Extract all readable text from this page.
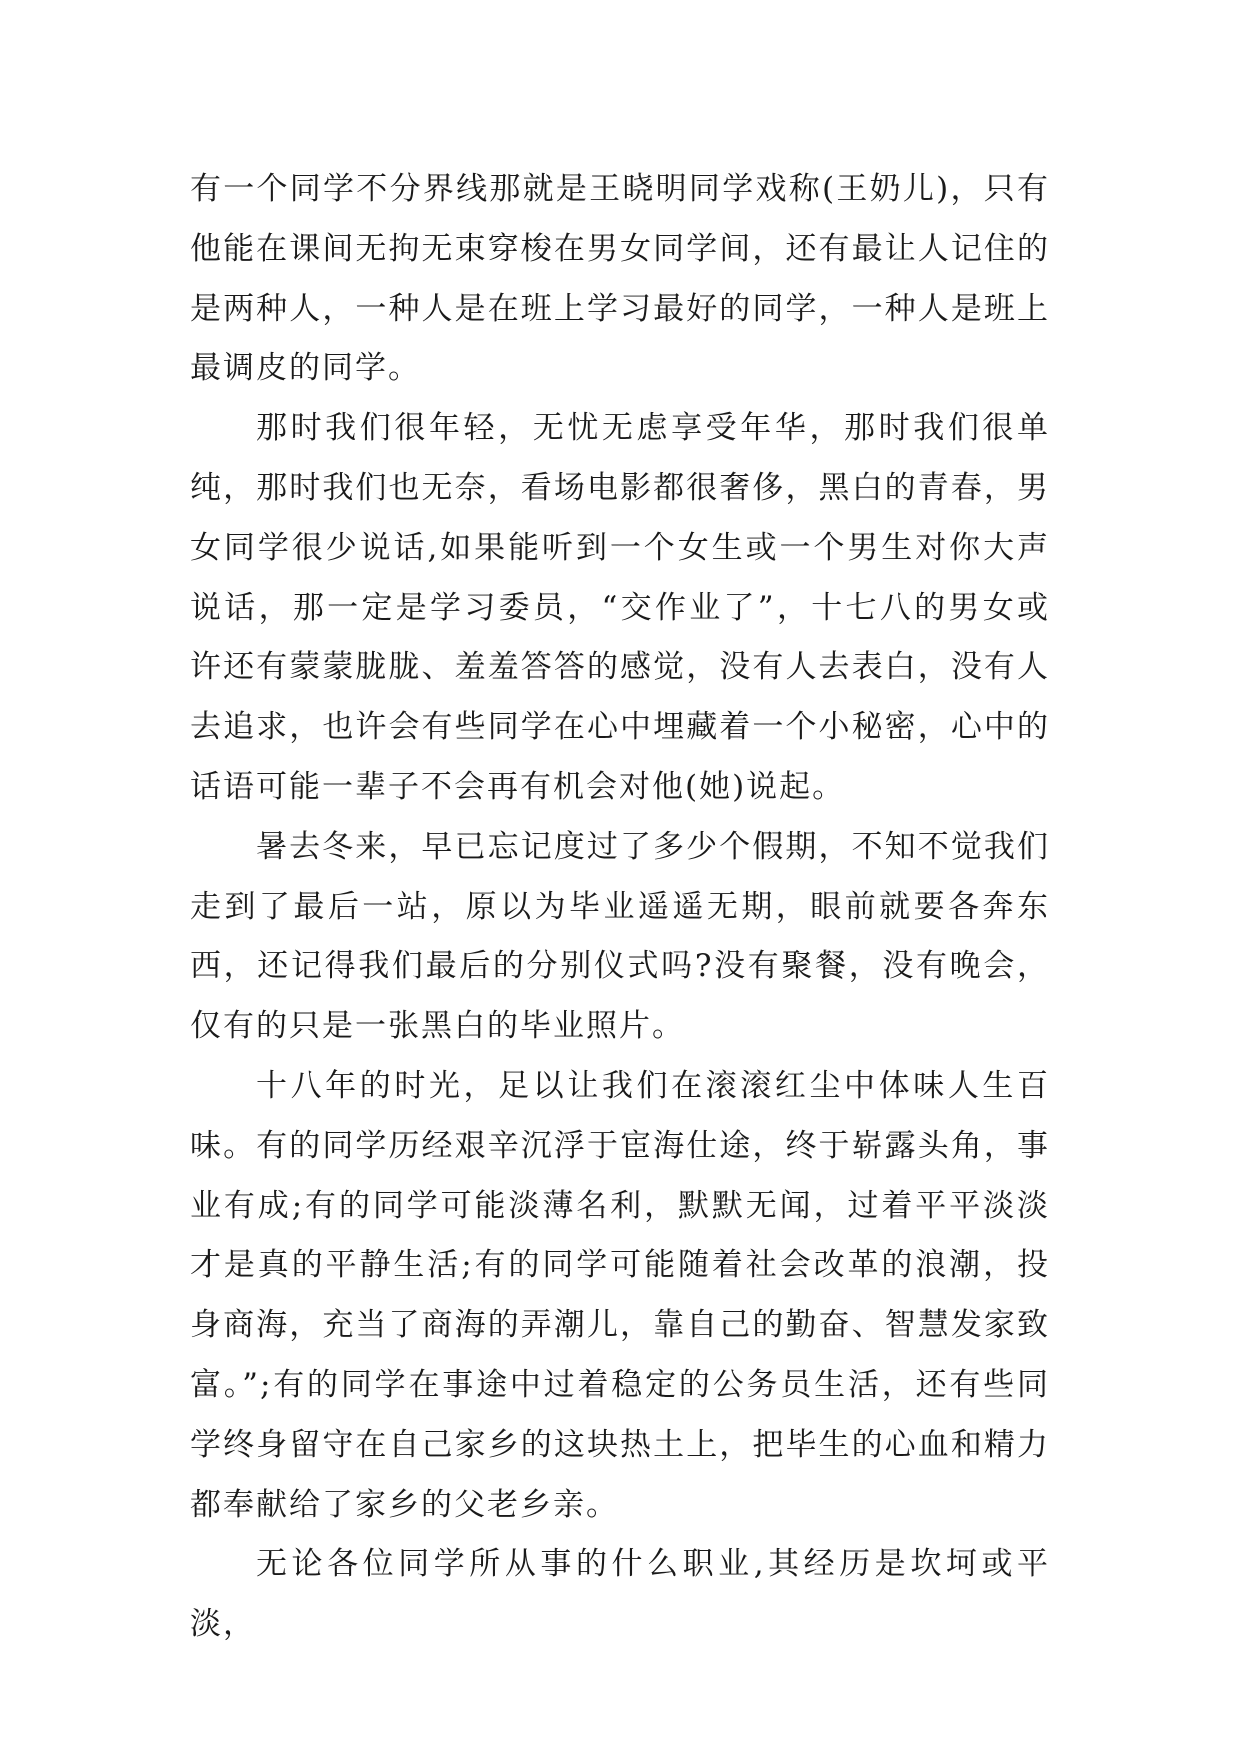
有一个同学不分界线那就是王晓明同学戏称(王奶儿)，只有他能在课间无拘无束穿梭在男女同学间，还有最让人记住的是两种人，一种人是在班上学习最好的同学，一种人是班上最调皮的同学。

那时我们很年轻，无忧无虑享受年华，那时我们很单纯，那时我们也无奈，看场电影都很奢侈，黑白的青春，男女同学很少说话,如果能听到一个女生或一个男生对你大声说话，那一定是学习委员，“交作业了”，十七八的男女或许还有蒙蒙胧胧、羞羞答答的感觉，没有人去表白，没有人去追求，也许会有些同学在心中埋藏着一个小秘密，心中的话语可能一辈子不会再有机会对他(她)说起。

暑去冬来，早已忘记度过了多少个假期，不知不觉我们走到了最后一站，原以为毕业遥遥无期，眼前就要各奔东西，还记得我们最后的分别仪式吗?没有聚餐，没有晚会，仅有的只是一张黑白的毕业照片。

十八年的时光，足以让我们在滚滚红尘中体味人生百味。有的同学历经艰辛沉浮于宦海仕途，终于崭露头角，事业有成;有的同学可能淡薄名利，默默无闻，过着平平淡淡才是真的平静生活;有的同学可能随着社会改革的浪潮，投身商海，充当了商海的弄潮儿，靠自己的勤奋、智慧发家致富。”;有的同学在事途中过着稳定的公务员生活，还有些同学终身留守在自己家乡的这块热土上，把毕生的心血和精力都奉献给了家乡的父老乡亲。

无论各位同学所从事的什么职业,其经历是坎坷或平淡，
